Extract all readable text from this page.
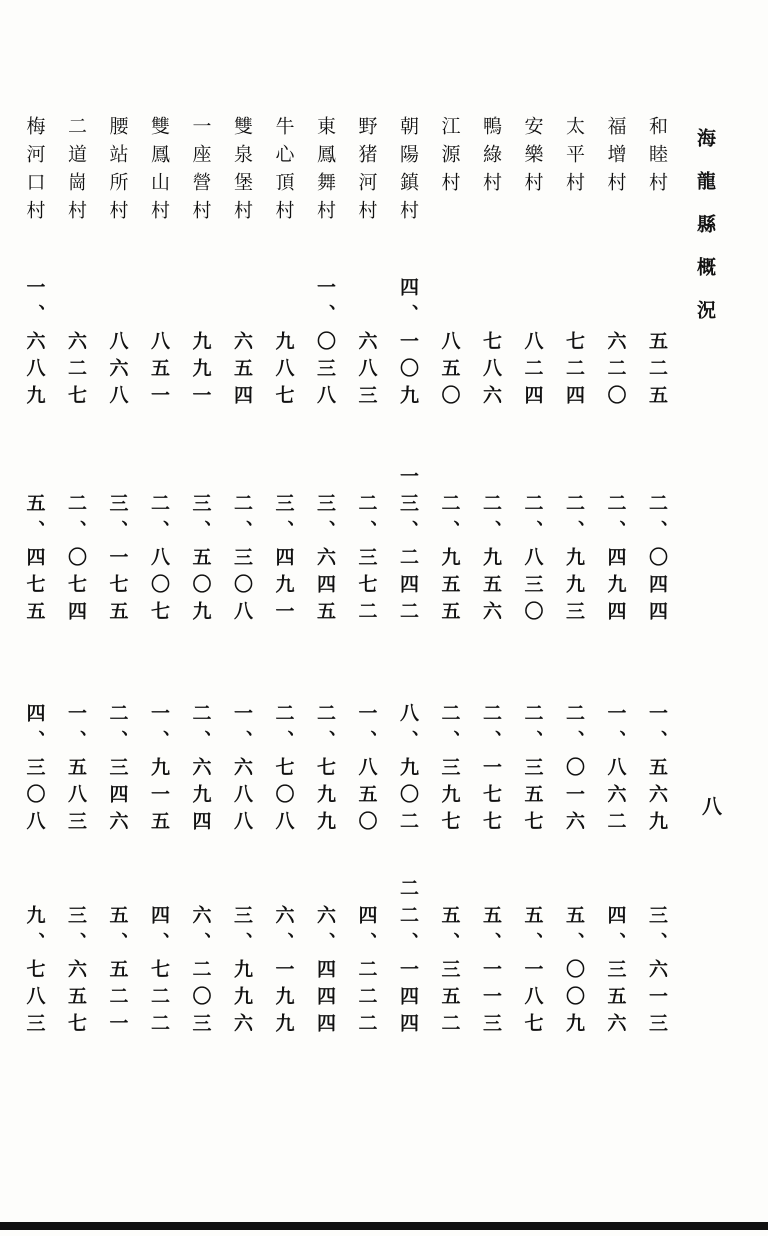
海龍縣概況
八
和睦村
五二五
二、〇四四
一、五六九
三、六一三
福增村
六二〇
二、四九四
一、八六二
四、三五六
太平村
七二四
二、九九三
二、〇一六
五、〇〇九
安樂村
八二四
二、八三〇
二、三五七
五、一八七
鴨綠村
七八六
二、九五六
二、一七七
五、一一三
江源村
八五〇
二、九五五
二、三九七
五、三五二
朝陽鎮村
四、一〇九
一三、二四二
八、九〇二
二二、一四四
野猪河村
六八三
二、三七二
一、八五〇
四、二二二
東鳳舞村
一、〇三八
三、六四五
二、七九九
六、四四四
牛心頂村
九八七
三、四九一
二、七〇八
六、一九九
雙泉堡村
六五四
二、三〇八
一、六八八
三、九九六
一座營村
九九一
三、五〇九
二、六九四
六、二〇三
雙鳳山村
八五一
二、八〇七
一、九一五
四、七二二
腰站所村
八六八
三、一七五
二、三四六
五、五二一
二道崗村
六二七
二、〇七四
一、五八三
三、六五七
梅河口村
一、六八九
五、四七五
四、三〇八
九、七八三
